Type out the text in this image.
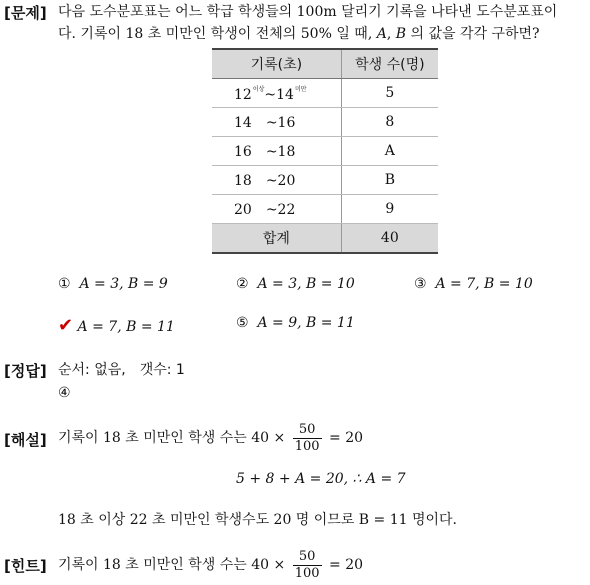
[문제] 다음 도수분포표는 어느 학급 학생들의 100m 달리기 기록을 나타낸 도수분포표이
다. 기록이 18 초 미만인 학생이 전체의 50% 일 때, A, B 의 값을 각각 구하면?
기록(초)	학생 수(명)
$12^{이상}\sim 14^{미만}$	5
14　~16	8
16　~18	A
18　~20	B
20　~22	9
합계	40
① A = 3, B = 9	② A = 3, B = 10	③ A = 7, B = 10
✔ A = 7, B = 11	⑤ A = 9, B = 11
[정답] 순서: 없음,　갯수: 1
④
[해설] 기록이 18 초 미만인 학생 수는 $40 \times \frac{50}{100} = 20$
5 + 8 + A = 20, ∴ A = 7
18 초 이상 22 초 미만인 학생수도 20 명 이므로 B = 11 명이다.
[힌트] 기록이 18 초 미만인 학생 수는 $40 \times \frac{50}{100} = 20$
